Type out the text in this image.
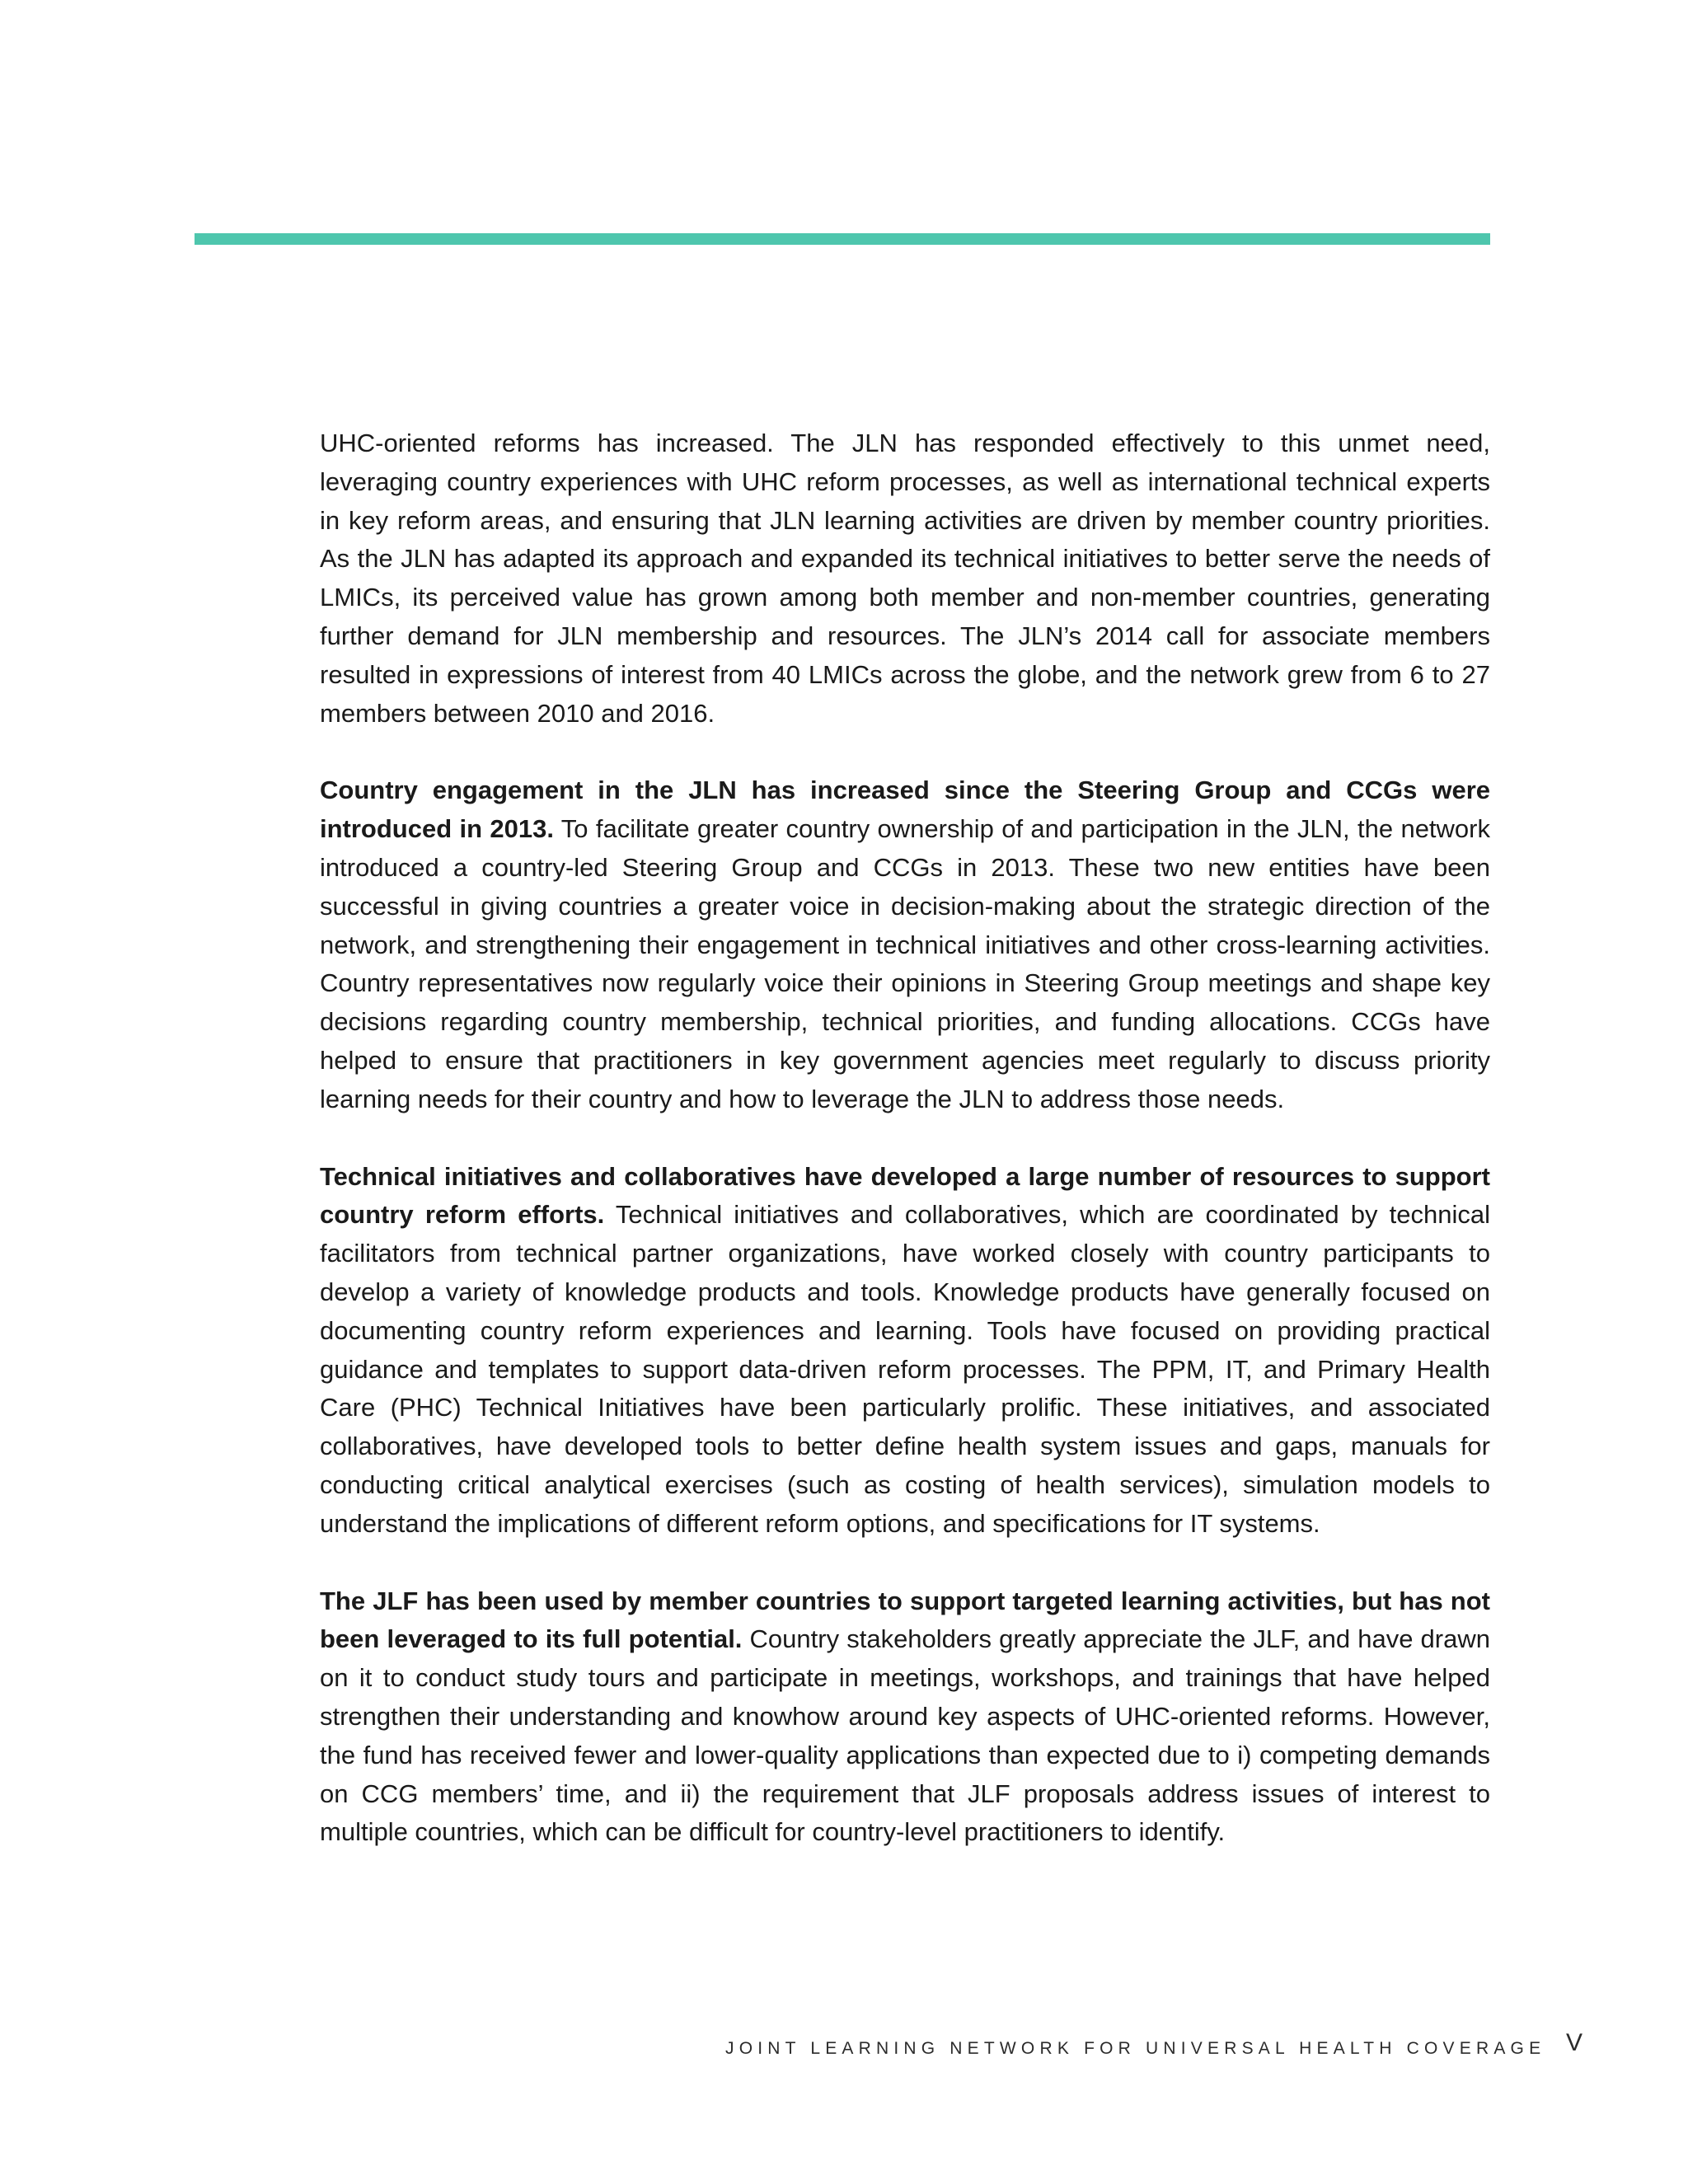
UHC-oriented reforms has increased. The JLN has responded effectively to this unmet need, leveraging country experiences with UHC reform processes, as well as international technical experts in key reform areas, and ensuring that JLN learning activities are driven by member country priorities. As the JLN has adapted its approach and expanded its technical initiatives to better serve the needs of LMICs, its perceived value has grown among both member and non-member countries, generating further demand for JLN membership and resources. The JLN’s 2014 call for associate members resulted in expressions of interest from 40 LMICs across the globe, and the network grew from 6 to 27 members between 2010 and 2016.

Country engagement in the JLN has increased since the Steering Group and CCGs were introduced in 2013. To facilitate greater country ownership of and participation in the JLN, the network introduced a country-led Steering Group and CCGs in 2013. These two new entities have been successful in giving countries a greater voice in decision-making about the strategic direction of the network, and strengthening their engagement in technical initiatives and other cross-learning activities. Country representatives now regularly voice their opinions in Steering Group meetings and shape key decisions regarding country membership, technical priorities, and funding allocations. CCGs have helped to ensure that practitioners in key government agencies meet regularly to discuss priority learning needs for their country and how to leverage the JLN to address those needs.

Technical initiatives and collaboratives have developed a large number of resources to support country reform efforts. Technical initiatives and collaboratives, which are coordinated by technical facilitators from technical partner organizations, have worked closely with country participants to develop a variety of knowledge products and tools. Knowledge products have generally focused on documenting country reform experiences and learning. Tools have focused on providing practical guidance and templates to support data-driven reform processes. The PPM, IT, and Primary Health Care (PHC) Technical Initiatives have been particularly prolific. These initiatives, and associated collaboratives, have developed tools to better define health system issues and gaps, manuals for conducting critical analytical exercises (such as costing of health services), simulation models to understand the implications of different reform options, and specifications for IT systems.

The JLF has been used by member countries to support targeted learning activities, but has not been leveraged to its full potential. Country stakeholders greatly appreciate the JLF, and have drawn on it to conduct study tours and participate in meetings, workshops, and trainings that have helped strengthen their understanding and knowhow around key aspects of UHC-oriented reforms. However, the fund has received fewer and lower-quality applications than expected due to i) competing demands on CCG members’ time, and ii) the requirement that JLF proposals address issues of interest to multiple countries, which can be difficult for country-level practitioners to identify.

JOINT LEARNING NETWORK FOR UNIVERSAL HEALTH COVERAGE V
